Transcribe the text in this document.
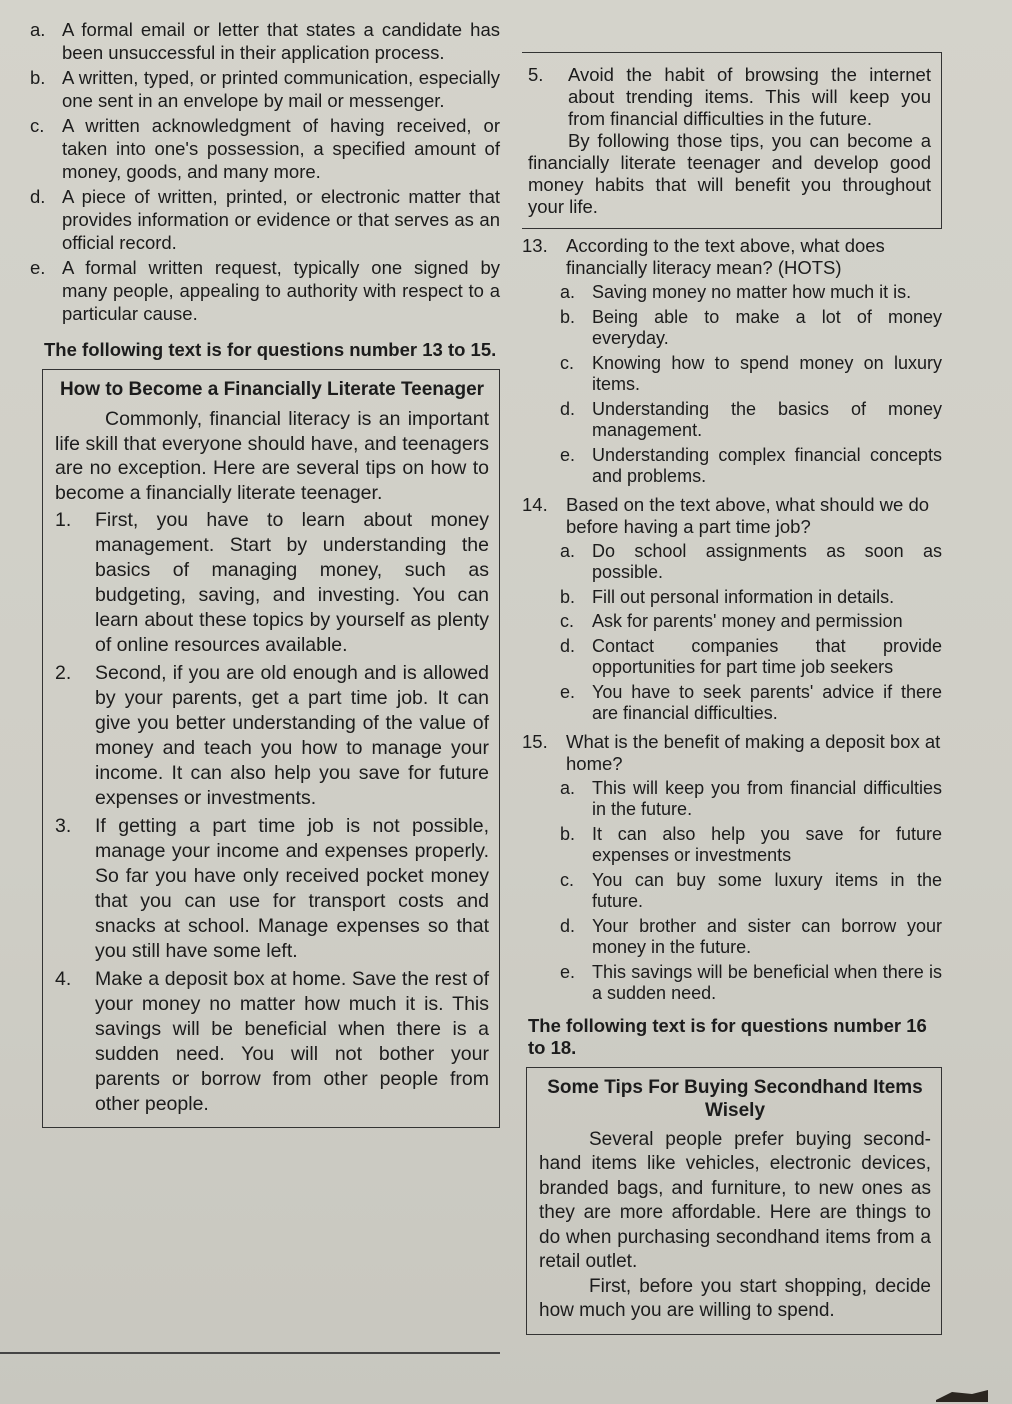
a. A formal email or letter that states a candidate has been unsuccessful in their application process.
b. A written, typed, or printed communication, especially one sent in an envelope by mail or messenger.
c. A written acknowledgment of having received, or taken into one's possession, a specified amount of money, goods, and many more.
d. A piece of written, printed, or electronic matter that provides information or evidence or that serves as an official record.
e. A formal written request, typically one signed by many people, appealing to authority with respect to a particular cause.
The following text is for questions number 13 to 15.
How to Become a Financially Literate Teenager
Commonly, financial literacy is an important life skill that everyone should have, and teenagers are no exception. Here are several tips on how to become a financially literate teenager.
1.	First, you have to learn about money management. Start by understanding the basics of managing money, such as budgeting, saving, and investing. You can learn about these topics by yourself as plenty of online resources available.
2.	Second, if you are old enough and is allowed by your parents, get a part time job. It can give you better understanding of the value of money and teach you how to manage your income. It can also help you save for future expenses or investments.
3.	If getting a part time job is not possible, manage your income and expenses properly. So far you have only received pocket money that you can use for transport costs and snacks at school. Manage expenses so that you still have some left.
4.	Make a deposit box at home. Save the rest of your money no matter how much it is. This savings will be beneficial when there is a sudden need. You will not bother your parents or borrow from other people from other people.
5.	Avoid the habit of browsing the internet about trending items. This will keep you from financial difficulties in the future.
By following those tips, you can become a financially literate teenager and develop good money habits that will benefit you throughout your life.
13. According to the text above, what does financially literacy mean? (HOTS)
a. Saving money no matter how much it is.
b. Being able to make a lot of money everyday.
c. Knowing how to spend money on luxury items.
d. Understanding the basics of money management.
e. Understanding complex financial concepts and problems.
14. Based on the text above, what should we do before having a part time job?
a. Do school assignments as soon as possible.
b. Fill out personal information in details.
c. Ask for parents' money and permission
d. Contact companies that provide opportunities for part time job seekers
e. You have to seek parents' advice if there are financial difficulties.
15. What is the benefit of making a deposit box at home?
a. This will keep you from financial difficulties in the future.
b. It can also help you save for future expenses or investments
c. You can buy some luxury items in the future.
d. Your brother and sister can borrow your money in the future.
e. This savings will be beneficial when there is a sudden need.
The following text is for questions number 16 to 18.
Some Tips For Buying Secondhand Items Wisely
Several people prefer buying second-hand items like vehicles, electronic devices, branded bags, and furniture, to new ones as they are more affordable. Here are things to do when purchasing secondhand items from a retail outlet.
First, before you start shopping, decide how much you are willing to spend.
